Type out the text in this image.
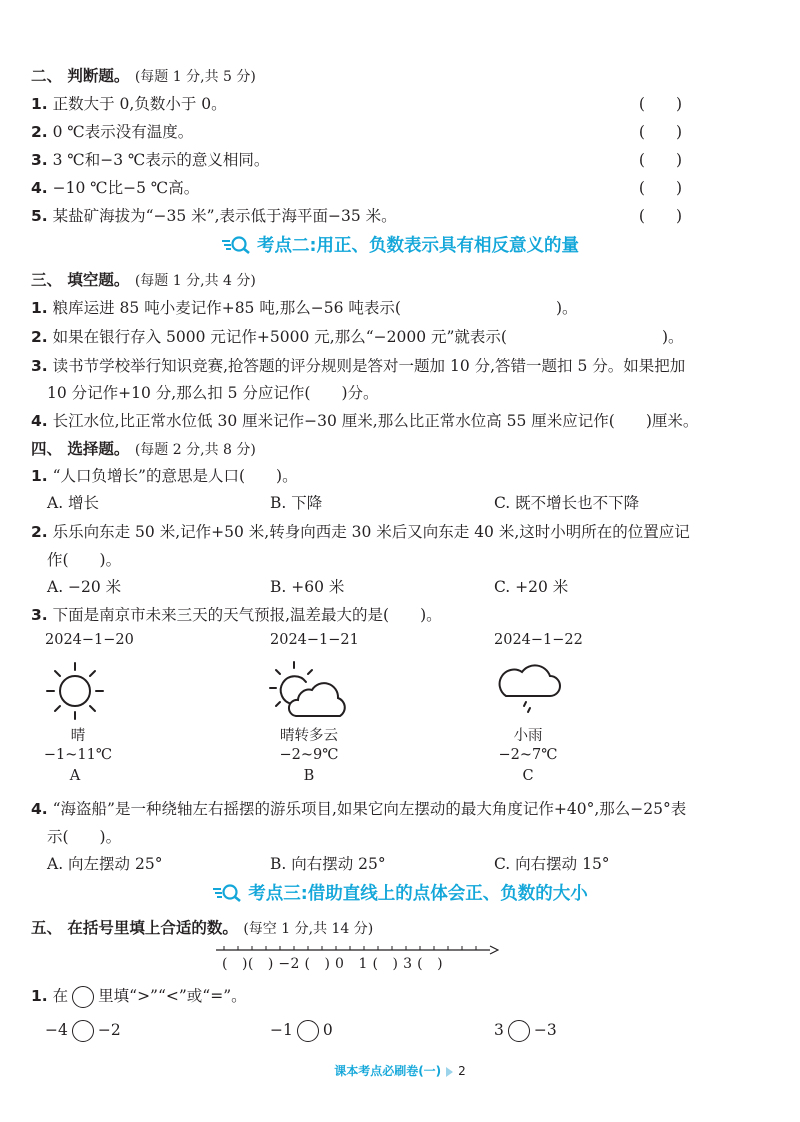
二、 判断题。 (每题 1 分,共 5 分)
1. 正数大于 0,负数小于 0。	(　　)
2. 0 ℃表示没有温度。	(　　)
3. 3 ℃和−3 ℃表示的意义相同。	(　　)
4. −10 ℃比−5 ℃高。	(　　)
5. 某盐矿海拔为“−35 米”,表示低于海平面−35 米。	(　　)
考点二:用正、负数表示具有相反意义的量
三、 填空题。 (每题 1 分,共 4 分)
1. 粮库运进 85 吨小麦记作+85 吨,那么−56 吨表示(　　　　　　　　　　)。
2. 如果在银行存入 5000 元记作+5000 元,那么“−2000 元”就表示(　　　　　　　　　　)。
3. 读书节学校举行知识竞赛,抢答题的评分规则是答对一题加 10 分,答错一题扣 5 分。如果把加
10 分记作+10 分,那么扣 5 分应记作(　　)分。
4. 长江水位,比正常水位低 30 厘米记作−30 厘米,那么比正常水位高 55 厘米应记作(　　)厘米。
四、 选择题。 (每题 2 分,共 8 分)
1. “人口负增长”的意思是人口(　　)。
A. 增长	B. 下降	C. 既不增长也不下降
2. 乐乐向东走 50 米,记作+50 米,转身向西走 30 米后又向东走 40 米,这时小明所在的位置应记
作(　　)。
A. −20 米	B. +60 米	C. +20 米
3. 下面是南京市未来三天的天气预报,温差最大的是(　　)。
2024−1−20	2024−1−21	2024−1−22
晴	晴转多云	小雨
−1~11℃	−2~9℃	−2~7℃
A	B	C
4. “海盗船”是一种绕轴左右摇摆的游乐项目,如果它向左摆动的最大角度记作+40°,那么−25°表
示(　　)。
A. 向左摆动 25°	B. 向右摆动 25°	C. 向右摆动 15°
考点三:借助直线上的点体会正、负数的大小
五、 在括号里填上合适的数。 (每空 1 分,共 14 分)
(　)(　) −2 (　) 0 1 (　) 3 (　)
1. 在 里填“>”“<”或“=”。
−4 −2	−1 0	3 −3
课本考点必刷卷(一) 2
